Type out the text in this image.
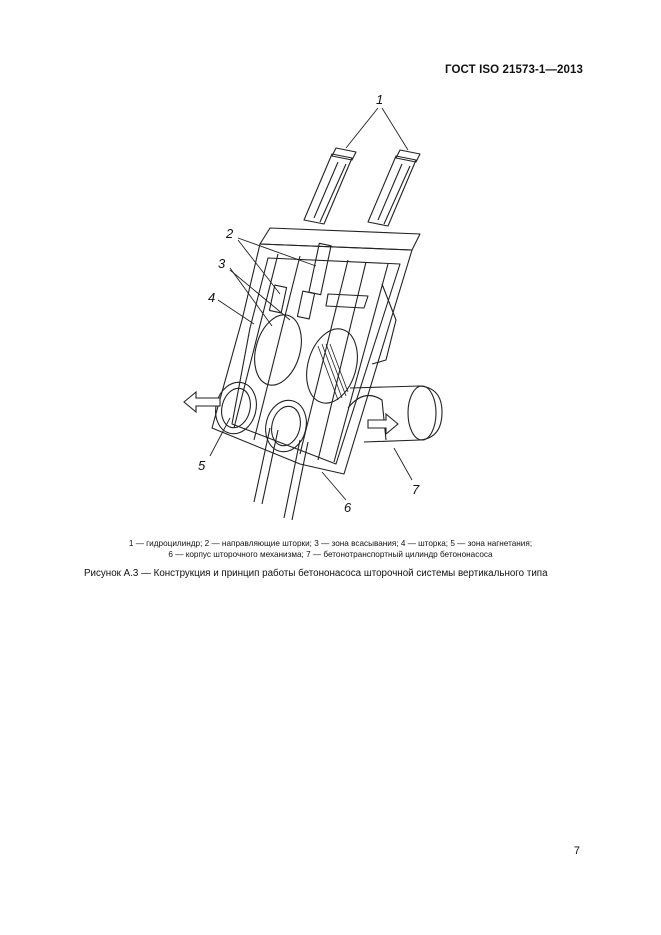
ГОСТ ISO 21573-1—2013
1
2
3
4
5
6
7
1 — гидроцилиндр; 2 — направляющие шторки; 3 — зона всасывания; 4 — шторка; 5 — зона нагнетания;
6 — корпус шторочного механизма; 7 — бетонотранспортный цилиндр бетононасоса
Рисунок А.3 — Конструкция и принцип работы бетононасоса шторочной системы вертикального типа
7
